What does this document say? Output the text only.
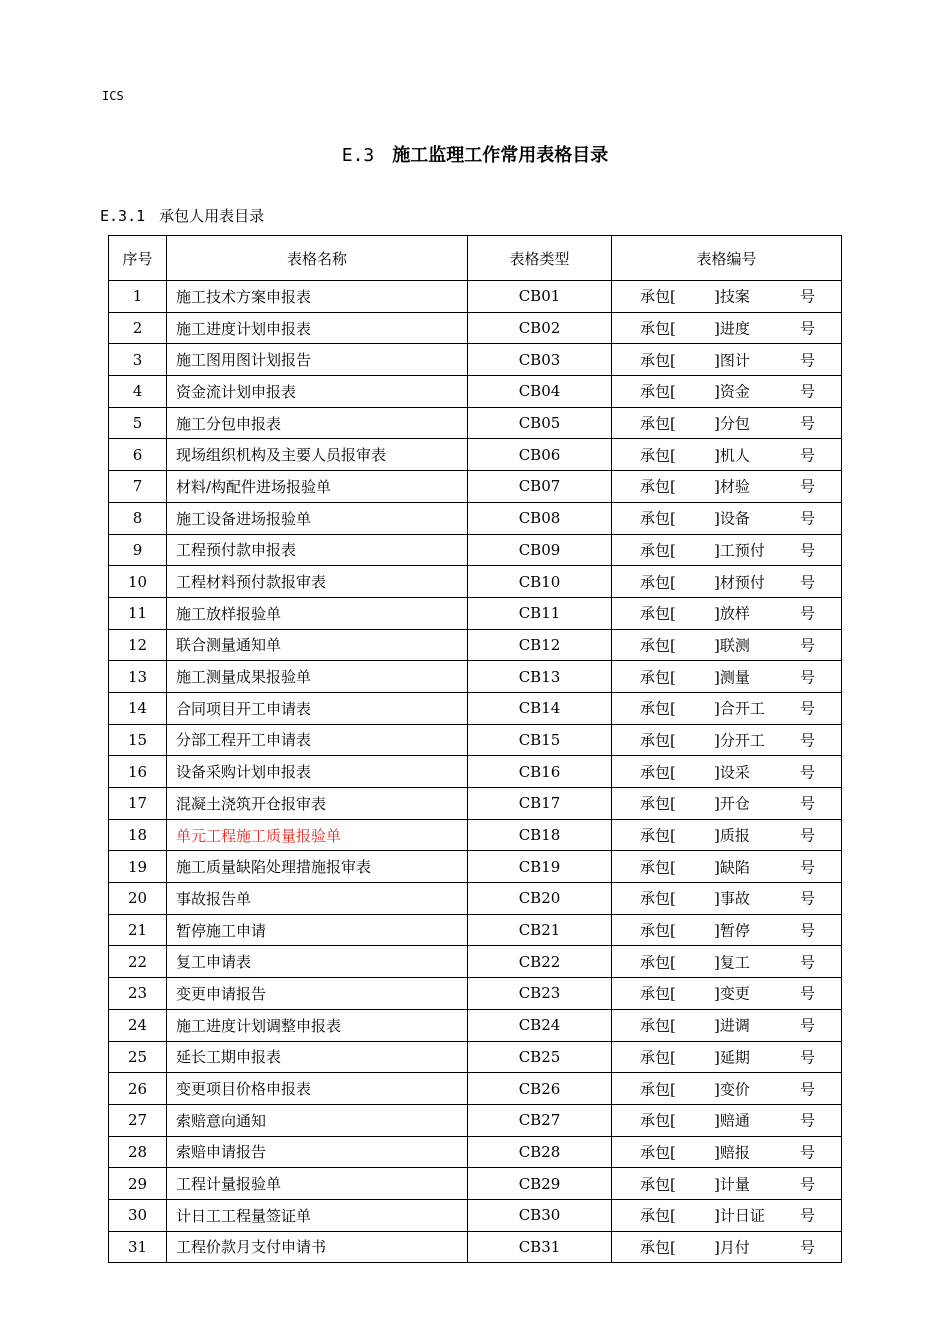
ICS
E.3 施工监理工作常用表格目录
E.3.1 承包人用表目录
序号	表格名称	表格类型	表格编号
1	施工技术方案申报表	CB01	承包[ ]技案 号

2	施工进度计划申报表	CB02	承包[ ]进度 号

3	施工图用图计划报告	CB03	承包[ ]图计 号

4	资金流计划申报表	CB04	承包[ ]资金 号

5	施工分包申报表	CB05	承包[ ]分包 号

6	现场组织机构及主要人员报审表	CB06	承包[ ]机人 号

7	材料/构配件进场报验单	CB07	承包[ ]材验 号

8	施工设备进场报验单	CB08	承包[ ]设备 号

9	工程预付款申报表	CB09	承包[ ]工预付 号

10	工程材料预付款报审表	CB10	承包[ ]材预付 号

11	施工放样报验单	CB11	承包[ ]放样 号

12	联合测量通知单	CB12	承包[ ]联测 号

13	施工测量成果报验单	CB13	承包[ ]测量 号

14	合同项目开工申请表	CB14	承包[ ]合开工 号

15	分部工程开工申请表	CB15	承包[ ]分开工 号

16	设备采购计划申报表	CB16	承包[ ]设采 号

17	混凝土浇筑开仓报审表	CB17	承包[ ]开仓 号

18	单元工程施工质量报验单	CB18	承包[ ]质报 号

19	施工质量缺陷处理措施报审表	CB19	承包[ ]缺陷 号

20	事故报告单	CB20	承包[ ]事故 号

21	暂停施工申请	CB21	承包[ ]暂停 号

22	复工申请表	CB22	承包[ ]复工 号

23	变更申请报告	CB23	承包[ ]变更 号

24	施工进度计划调整申报表	CB24	承包[ ]进调 号

25	延长工期申报表	CB25	承包[ ]延期 号

26	变更项目价格申报表	CB26	承包[ ]变价 号

27	索赔意向通知	CB27	承包[ ]赔通 号

28	索赔申请报告	CB28	承包[ ]赔报 号

29	工程计量报验单	CB29	承包[ ]计量 号

30	计日工工程量签证单	CB30	承包[ ]计日证 号

31	工程价款月支付申请书	CB31	承包[ ]月付 号
